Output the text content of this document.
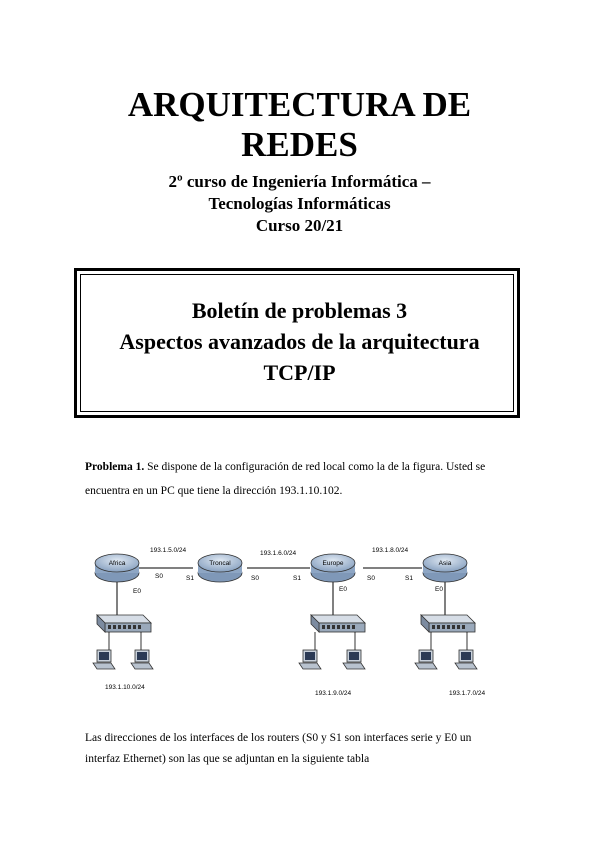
ARQUITECTURA DE
REDES
2º curso de Ingeniería Informática –
Tecnologías Informáticas
Curso 20/21
Boletín de problemas 3
Aspectos avanzados de la arquitectura
TCP/IP
Problema 1. Se dispone de la configuración de red local como la de la figura. Usted se
encuentra en un PC que tiene la dirección 193.1.10.102.
Africa	Troncal	Europe	Asia
193.1.5.0/24	193.1.6.0/24	193.1.8.0/24
S0	S1	S0	S1	S0	S1
E0	E0	E0
193.1.10.0/24
193.1.9.0/24	193.1.7.0/24
Las direcciones de los interfaces de los routers (S0 y S1 son interfaces serie y E0 un
interfaz Ethernet) son las que se adjuntan en la siguiente tabla
